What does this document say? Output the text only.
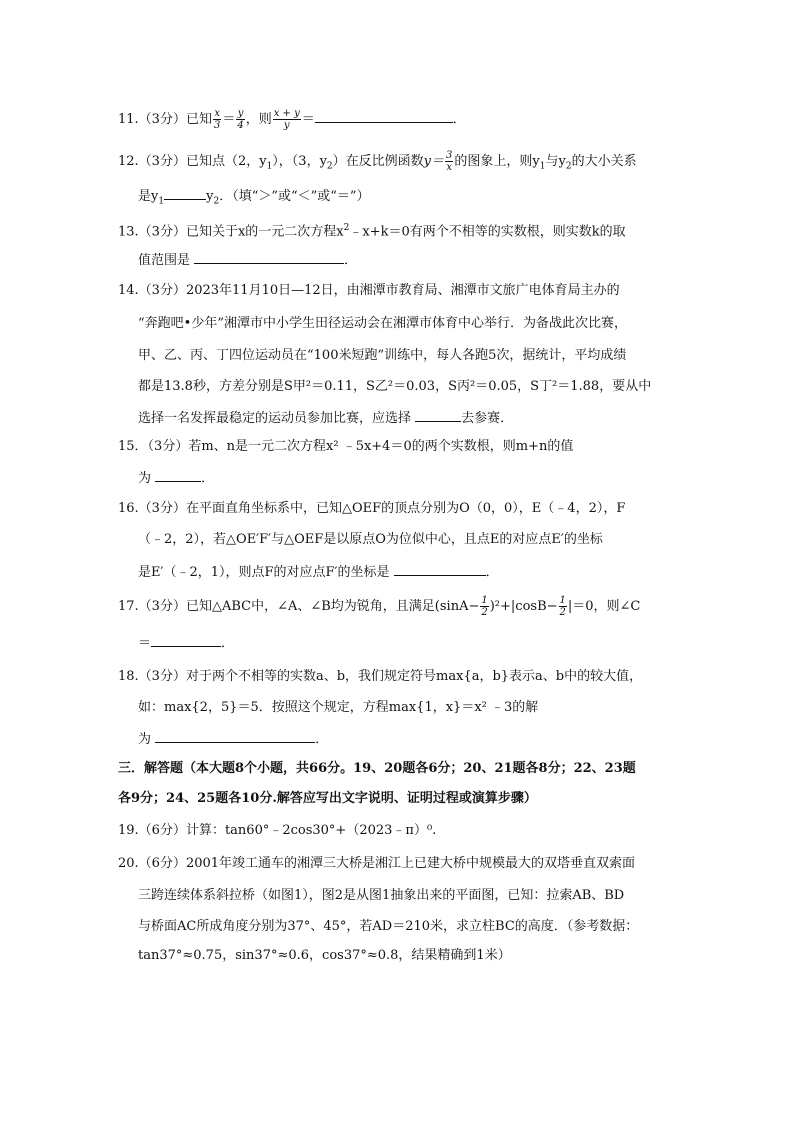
11.（3分）已知 $\frac{x}{3} = \frac{y}{4}$ ，则 $\frac{x + y}{y}$ ＝	．
12.（3分）已知点（2，$y_1$），（3，$y_2$）在反比例函数$y= \frac{3}{x}$ 的图象上，则$y_1$与$y_2$的大小关系
是$y_1$	$y_2$．（填“＞”或“＜”或“＝”）
13.（3分）已知关于x的一元二次方程$x^2﹣x+k=0$有两个不相等的实数根，则实数k的取
值范围是	．
14.（3分）2023年11月10日—12日，由湘潭市教育局、湘潭市文旅广电体育局主办的
“奔跑吧•少年”湘潭市中小学生田径运动会在湘潭市体育中心举行．为备战此次比赛，
甲、乙、丙、丁四位运动员在“100米短跑”训练中，每人各跑5次，据统计，平均成绩
都是13.8秒，方差分别是S甲²＝0.11，S乙²＝0.03，S丙²＝0.05，S丁²＝1.88，要从中
选择一名发挥最稳定的运动员参加比赛，应选择	去参赛．
15．（3分）若m、n是一元二次方程x² ﹣5x+4＝0的两个实数根，则m+n的值
为	．
16.（3分）在平面直角坐标系中，已知△OEF的顶点分别为O（0，0），E（﹣4，2），F
（﹣2，2），若△OE′F′与△OEF是以原点O为位似中心，且点E的对应点E′的坐标
是E′（﹣2，1），则点F的对应点F′的坐标是	．
17.（3分）已知△ABC中，∠A、∠B均为锐角，且满足$(\sin A- \frac{1}{2} )^2+|\cos B- \frac{1}{2} |=0$，则∠C
＝	．
18.（3分）对于两个不相等的实数a、b，我们规定符号max{a，b}表示a、b中的较大值，
如：max{2，5}＝5．按照这个规定，方程max{1，x}＝x² ﹣3的解
为	．
三．解答题（本大题8个小题，共66分。19、20题各6分；20、21题各8分；22、23题
各9分；24、25题各10分.解答应写出文字说明、证明过程或演算步骤）
19.（6分）计算：tan60°﹣2cos30°+（2023﹣π）⁰.
20.（6分）2001年竣工通车的湘潭三大桥是湘江上已建大桥中规模最大的双塔垂直双索面
三跨连续体系斜拉桥（如图1），图2是从图1抽象出来的平面图，已知：拉索AB、BD
与桥面AC所成角度分别为37°、45°，若AD＝210米，求立柱BC的高度．（参考数据：
tan37°≈0.75，sin37°≈0.6，cos37°≈0.8，结果精确到1米）
